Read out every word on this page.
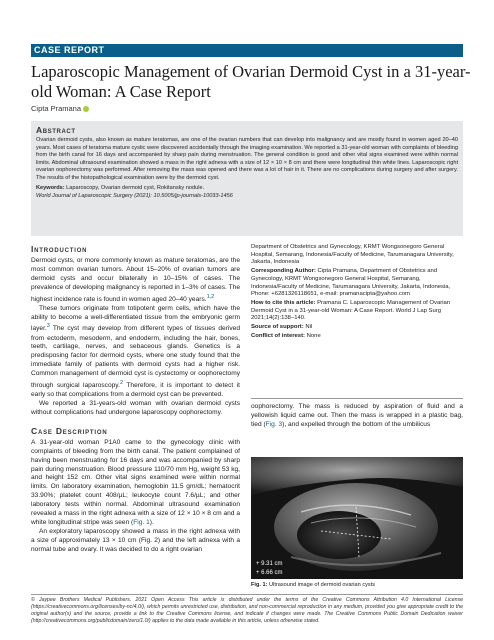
CASE REPORT
Laparoscopic Management of Ovarian Dermoid Cyst in a 31-year-old Woman: A Case Report
Cipta Pramana
Abstract
Ovarian dermoid cysts, also known as mature teratomas, are one of the ovarian numbers that can develop into malignancy and are mostly found in women aged 20–40 years. Most cases of teratoma mature cystic were discovered accidentally through the imaging examination. We reported a 31-year-old woman with complaints of bleeding from the birth canal for 16 days and accompanied by sharp pain during menstruation. The general condition is good and other vital signs examined were within normal limits. Abdominal ultrasound examination showed a mass in the right adnexa with a size of 12 × 10 × 8 cm and there were longitudinal thin white lines. Laparoscopic right ovarian oophorectomy was performed. After removing the mass was opened and there was a lot of hair in it. There are no complications during surgery and after surgery. The results of the histopathological examination were by the dermoid cyst.
Keywords: Laparoscopy, Ovarian dermoid cyst, Rokitansky nodule.
World Journal of Laparoscopic Surgery (2021): 10.5005/jp-journals-10033-1456
Introduction

Dermoid cysts, or more commonly known as mature teratomas, are the most common ovarian tumors. About 15–20% of ovarian tumors are dermoid cysts and occur bilaterally in 10–15% of cases. The prevalence of developing malignancy is reported in 1–3% of cases. The highest incidence rate is found in women aged 20–40 years.$^{1,2}$

These tumors originate from totipotent germ cells, which have the ability to become a well-differentiated tissue from the embryonic germ layer.$^3$ The cyst may develop from different types of tissues derived from ectoderm, mesoderm, and endoderm, including the hair, bones, teeth, cartilage, nerves, and sebaceous glands. Genetics is a predisposing factor for dermoid cysts, where one study found that the immediate family of patients with dermoid cysts had a higher risk. Common management of dermoid cyst is cystectomy or oophorectomy through surgical laparoscopy.$^2$ Therefore, it is important to detect it early so that complications from a dermoid cyst can be prevented.

We reported a 31-years-old woman with ovarian dermoid cysts without complications had undergone laparoscopy oophorectomy.

Case Description

A 31-year-old woman P1A0 came to the gynecology clinic with complaints of bleeding from the birth canal. The patient complained of having been menstruating for 16 days and was accompanied by sharp pain during menstruation. Blood pressure 110/70 mm Hg, weight 53 kg, and height 152 cm. Other vital signs examined were within normal limits. On laboratory examination, hemoglobin 11.5 gm/dL; hematocrit 33.90%; platelet count 408/µL; leukocyte count 7.6/µL; and other laboratory tests within normal. Abdominal ultrasound examination revealed a mass in the right adnexa with a size of 12 × 10 × 8 cm and a white longitudinal stripe was seen (Fig. 1).

An exploratory laparoscopy showed a mass in the right adnexa with a size of approximately 13 × 10 cm (Fig. 2) and the left adnexa with a normal tube and ovary. It was decided to do a right ovarian

Department of Obstetrics and Gynecology, KRMT Wongsonegoro General Hospital, Semarang, Indonesia/Faculty of Medicine, Tarumanagara University, Jakarta, Indonesia

Corresponding Author: Cipta Pramana, Department of Obstetrics and Gynecology, KRMT Wongsonegoro General Hospital, Semarang, Indonesia/Faculty of Medicine, Tarumanagara University, Jakarta, Indonesia, Phone: +6281326118651, e-mail: pramanacipta@yahoo.com

How to cite this article: Pramana C. Laparoscopic Management of Ovarian Dermoid Cyst in a 31-year-old Woman: A Case Report. World J Lap Surg 2021;14(2):138–140.

Source of support: Nil

Conflict of interest: None

oophorectomy. The mass is reduced by aspiration of fluid and a yellowish liquid came out. Then the mass is wrapped in a plastic bag, tied (Fig. 3), and expelled through the bottom of the umbilicus

+ 9.31 cm
+ 6.66 cm
Fig. 1: Ultrasound image of dermoid ovarian cysts
© Jaypee Brothers Medical Publishers. 2021 Open Access This article is distributed under the terms of the Creative Commons Attribution 4.0 International License (https://creativecommons.org/licenses/by-nc/4.0/), which permits unrestricted use, distribution, and non-commercial reproduction in any medium, provided you give appropriate credit to the original author(s) and the source, provide a link to the Creative Commons license, and indicate if changes were made. The Creative Commons Public Domain Dedication waiver (http://creativecommons.org/publicdomain/zero/1.0/) applies to the data made available in this article, unless otherwise stated.
